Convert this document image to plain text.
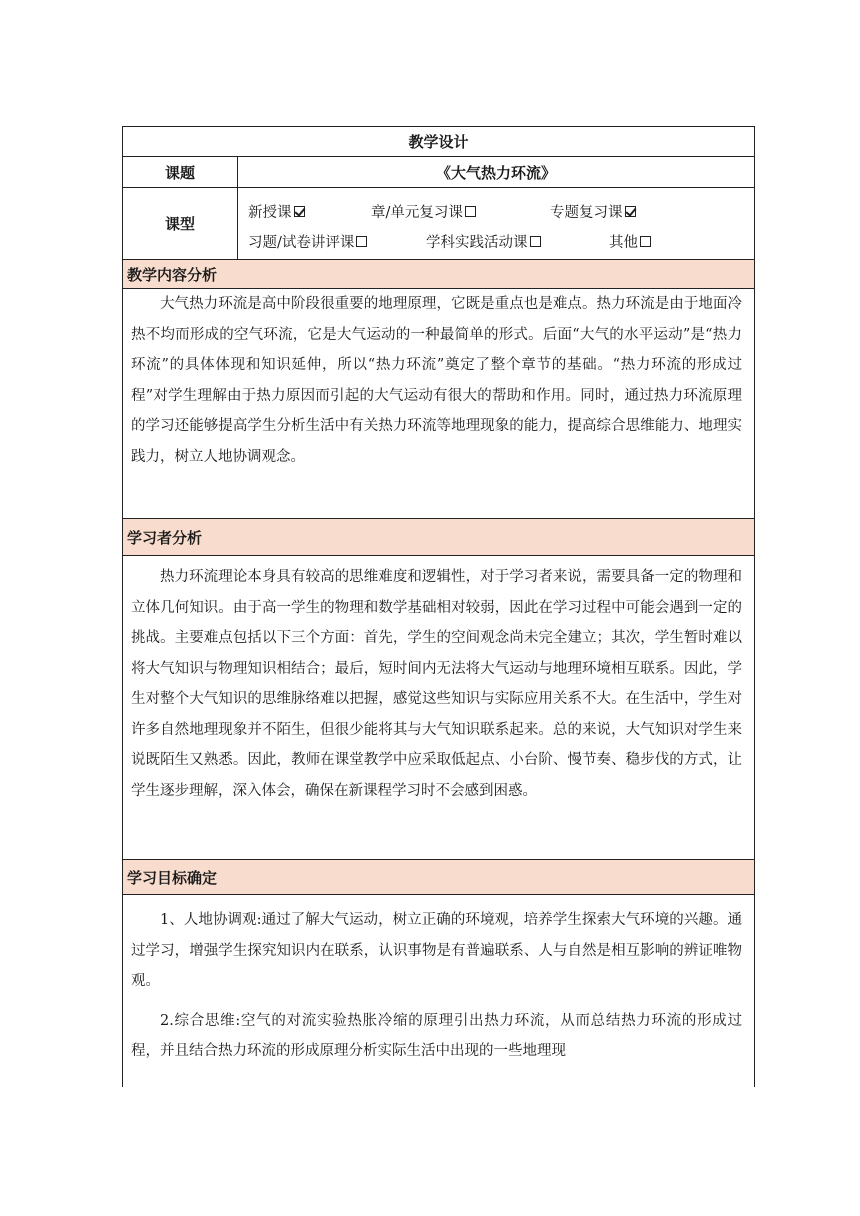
教学设计
课题	《大气热力环流》
课型
新授课	章/单元复习课	专题复习课
习题/试卷讲评课	学科实践活动课	其他
教学内容分析

大气热力环流是高中阶段很重要的地理原理，它既是重点也是难点。热力环流是由于地面冷热不均而形成的空气环流，它是大气运动的一种最简单的形式。后面“大气的水平运动”是“热力环流”的具体体现和知识延伸，所以“热力环流”奠定了整个章节的基础。“热力环流的形成过程”对学生理解由于热力原因而引起的大气运动有很大的帮助和作用。同时，通过热力环流原理的学习还能够提高学生分析生活中有关热力环流等地理现象的能力，提高综合思维能力、地理实践力，树立人地协调观念。

学习者分析

热力环流理论本身具有较高的思维难度和逻辑性，对于学习者来说，需要具备一定的物理和立体几何知识。由于高一学生的物理和数学基础相对较弱，因此在学习过程中可能会遇到一定的挑战。主要难点包括以下三个方面：首先，学生的空间观念尚未完全建立；其次，学生暂时难以将大气知识与物理知识相结合；最后，短时间内无法将大气运动与地理环境相互联系。因此，学生对整个大气知识的思维脉络难以把握，感觉这些知识与实际应用关系不大。在生活中，学生对许多自然地理现象并不陌生，但很少能将其与大气知识联系起来。总的来说，大气知识对学生来说既陌生又熟悉。因此，教师在课堂教学中应采取低起点、小台阶、慢节奏、稳步伐的方式，让学生逐步理解，深入体会，确保在新课程学习时不会感到困惑。

学习目标确定

1、人地协调观:通过了解大气运动，树立正确的环境观，培养学生探索大气环境的兴趣。通过学习，增强学生探究知识内在联系，认识事物是有普遍联系、人与自然是相互影响的辨证唯物观。

2.综合思维:空气的对流实验热胀冷缩的原理引出热力环流，从而总结热力环流的形成过程，并且结合热力环流的形成原理分析实际生活中出现的一些地理现
